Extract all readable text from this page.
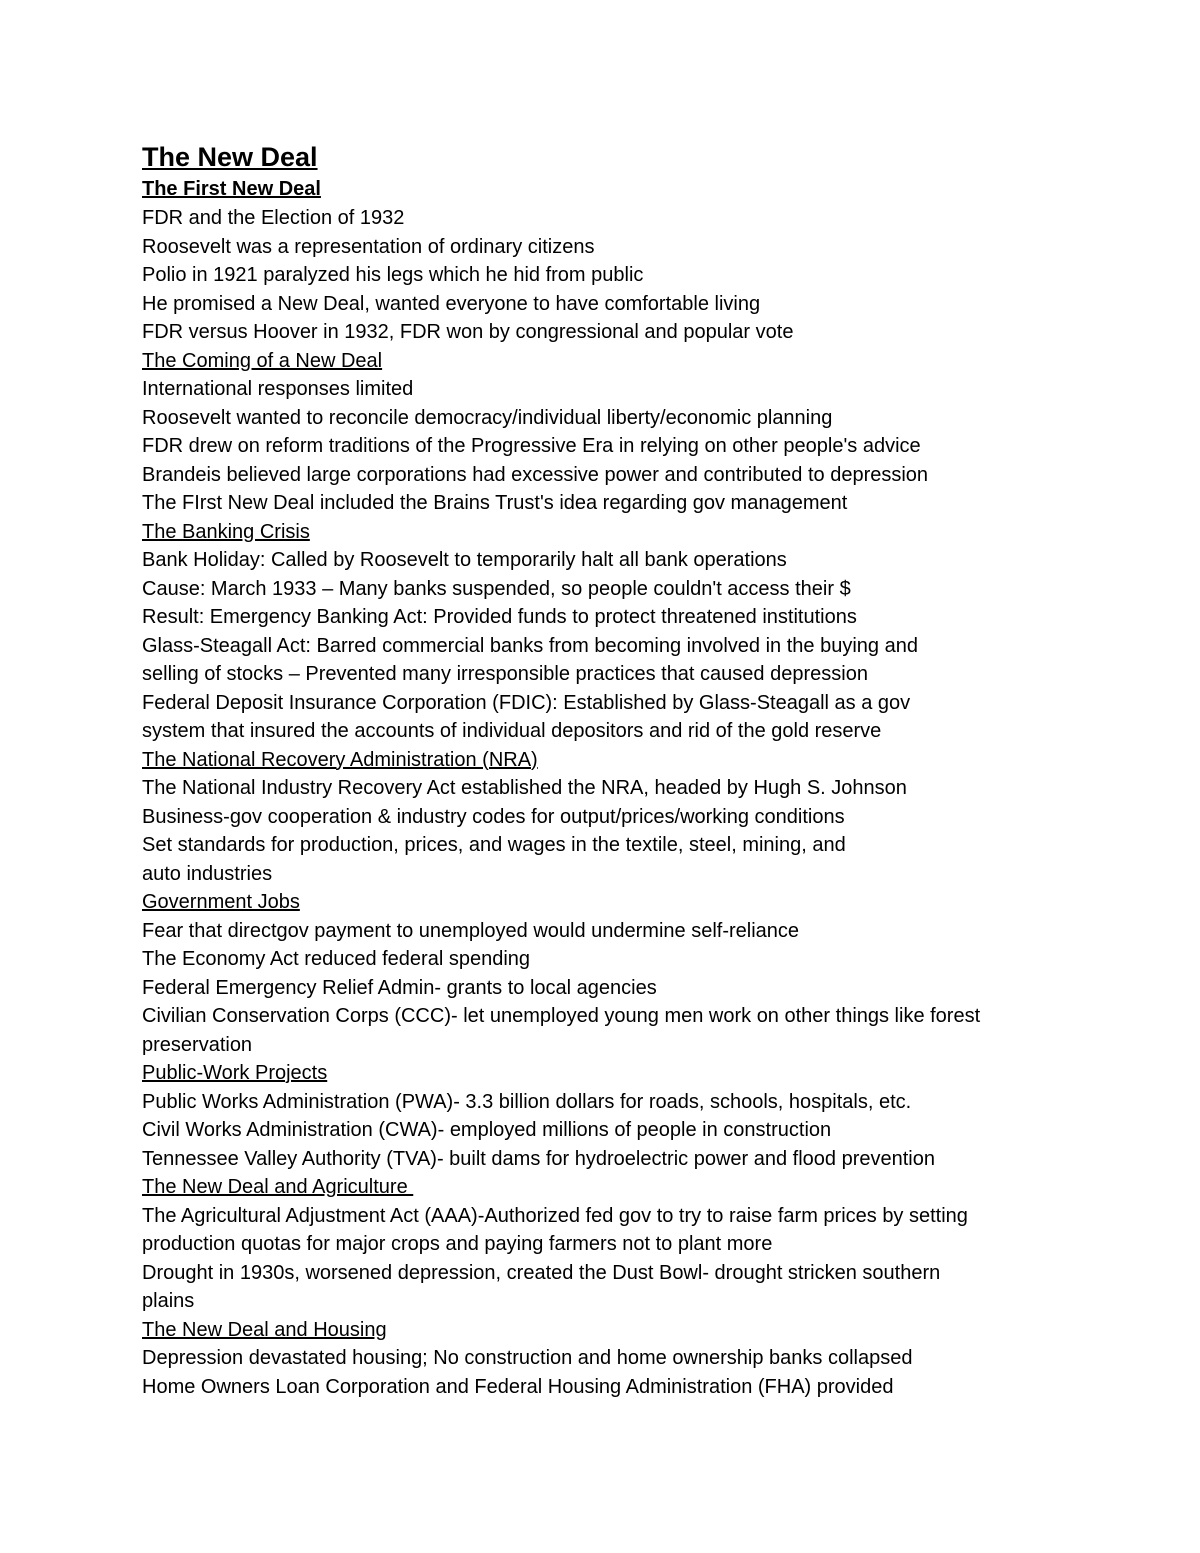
The New Deal
The First New Deal

FDR and the Election of 1932

Roosevelt was a representation of ordinary citizens

Polio in 1921 paralyzed his legs which he hid from public

He promised a New Deal, wanted everyone to have comfortable living

FDR versus Hoover in 1932, FDR won by congressional and popular vote

The Coming of a New Deal

International responses limited

Roosevelt wanted to reconcile democracy/individual liberty/economic planning

FDR drew on reform traditions of the Progressive Era in relying on other people's advice

Brandeis believed large corporations had excessive power and contributed to depression

The FIrst New Deal included the Brains Trust's idea regarding gov management

The Banking Crisis

Bank Holiday: Called by Roosevelt to temporarily halt all bank operations

Cause: March 1933 – Many banks suspended, so people couldn't access their $

Result: Emergency Banking Act: Provided funds to protect threatened institutions

Glass-Steagall Act: Barred commercial banks from becoming involved in the buying and

selling of stocks – Prevented many irresponsible practices that caused depression

Federal Deposit Insurance Corporation (FDIC): Established by Glass-Steagall as a gov

system that insured the accounts of individual depositors and rid of the gold reserve

The National Recovery Administration (NRA)

The National Industry Recovery Act established the NRA, headed by Hugh S. Johnson

Business-gov cooperation & industry codes for output/prices/working conditions

Set standards for production, prices, and wages in the textile, steel, mining, and

auto industries

Government Jobs

Fear that directgov payment to unemployed would undermine self-reliance

The Economy Act reduced federal spending

Federal Emergency Relief Admin- grants to local agencies

Civilian Conservation Corps (CCC)- let unemployed young men work on other things like forest

preservation

Public-Work Projects

Public Works Administration (PWA)- 3.3 billion dollars for roads, schools, hospitals, etc.

Civil Works Administration (CWA)- employed millions of people in construction

Tennessee Valley Authority (TVA)- built dams for hydroelectric power and flood prevention

The New Deal and Agriculture

The Agricultural Adjustment Act (AAA)-Authorized fed gov to try to raise farm prices by setting

production quotas for major crops and paying farmers not to plant more

Drought in 1930s, worsened depression, created the Dust Bowl- drought stricken southern

plains

The New Deal and Housing

Depression devastated housing; No construction and home ownership banks collapsed

Home Owners Loan Corporation and Federal Housing Administration (FHA) provided
